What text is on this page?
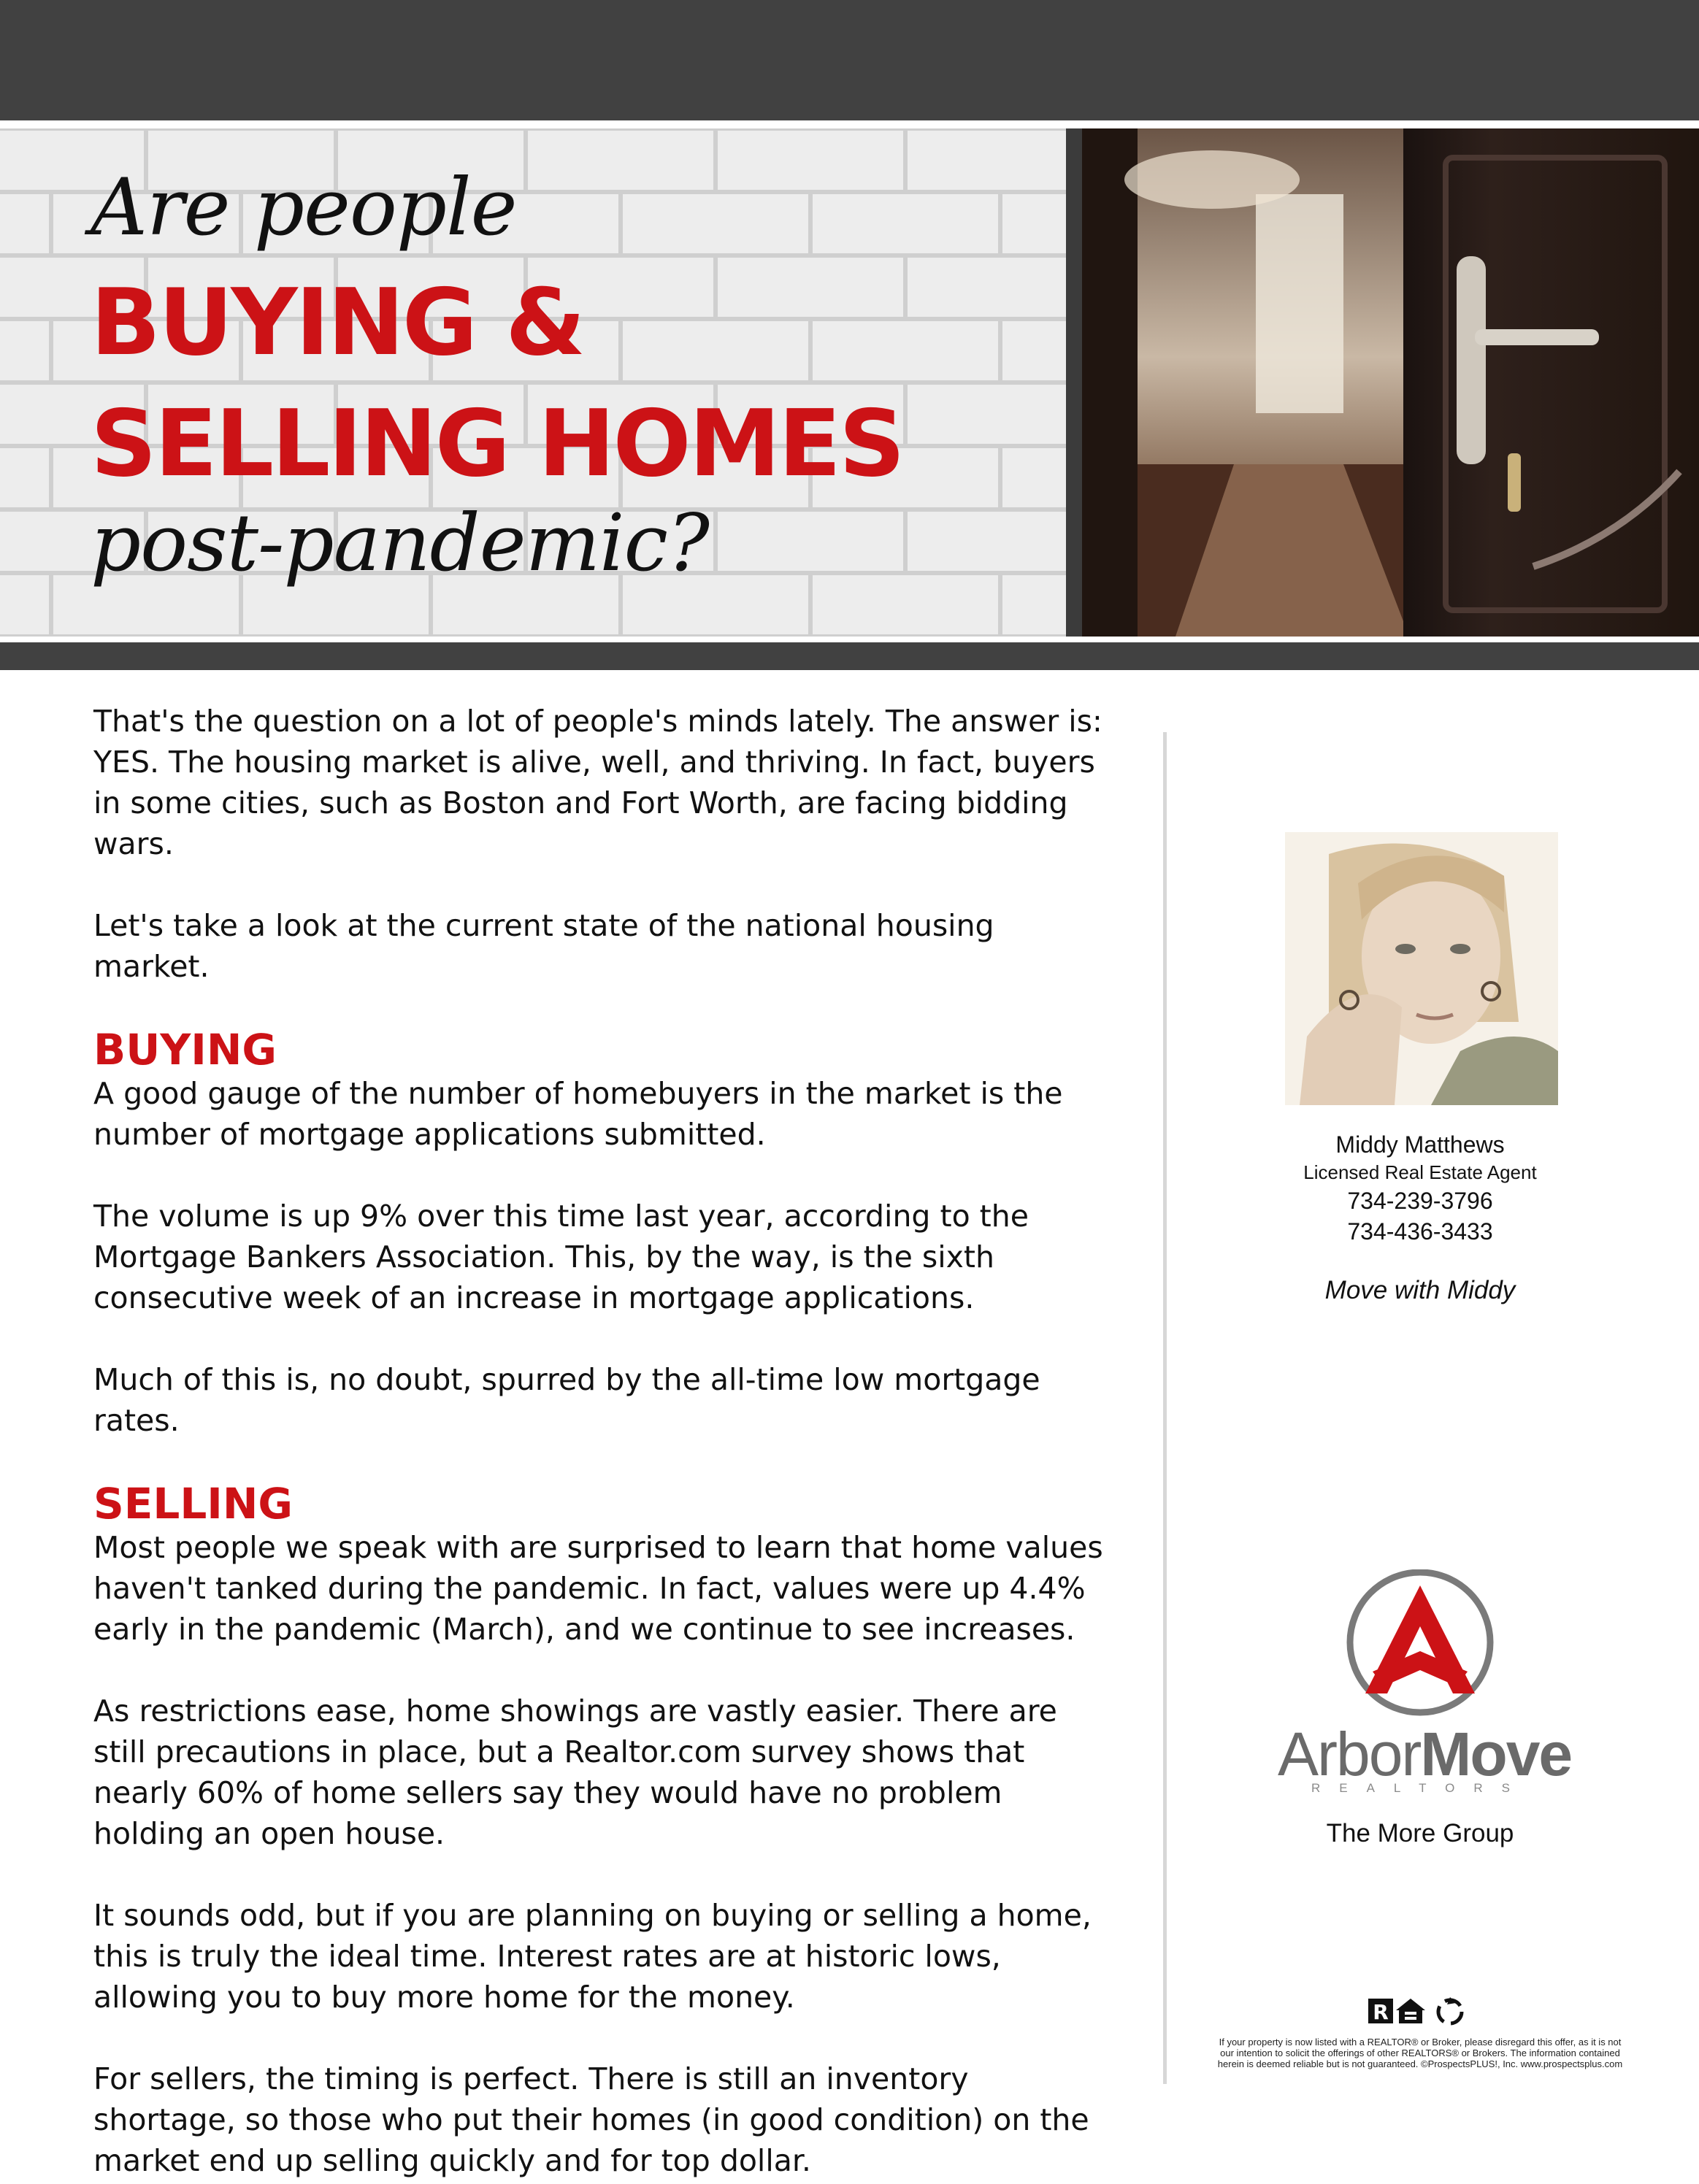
Are people
BUYING &
SELLING HOMES
post-pandemic?

That's the question on a lot of people's minds lately. The answer is: YES. The housing market is alive, well, and thriving. In fact, buyers in some cities, such as Boston and Fort Worth, are facing bidding wars.

Let's take a look at the current state of the national housing market.

BUYING

A good gauge of the number of homebuyers in the market is the number of mortgage applications submitted.

The volume is up 9% over this time last year, according to the Mortgage Bankers Association. This, by the way, is the sixth consecutive week of an increase in mortgage applications.

Much of this is, no doubt, spurred by the all-time low mortgage rates.

SELLING

Most people we speak with are surprised to learn that home values haven't tanked during the pandemic. In fact, values were up 4.4% early in the pandemic (March), and we continue to see increases.

As restrictions ease, home showings are vastly easier. There are still precautions in place, but a Realtor.com survey shows that nearly 60% of home sellers say they would have no problem holding an open house.

It sounds odd, but if you are planning on buying or selling a home, this is truly the ideal time. Interest rates are at historic lows, allowing you to buy more home for the money.

For sellers, the timing is perfect. There is still an inventory shortage, so those who put their homes (in good condition) on the market end up selling quickly and for top dollar.

Middy Matthews
Licensed Real Estate Agent
734-239-3796
734-436-3433
Move with Middy
ArborMove
REALTORS
The More Group
R
If your property is now listed with a REALTOR® or Broker, please disregard this offer, as it is not our intention to solicit the offerings of other REALTORS® or Brokers. The information contained herein is deemed reliable but is not guaranteed. ©ProspectsPLUS!, Inc. www.prospectsplus.com
